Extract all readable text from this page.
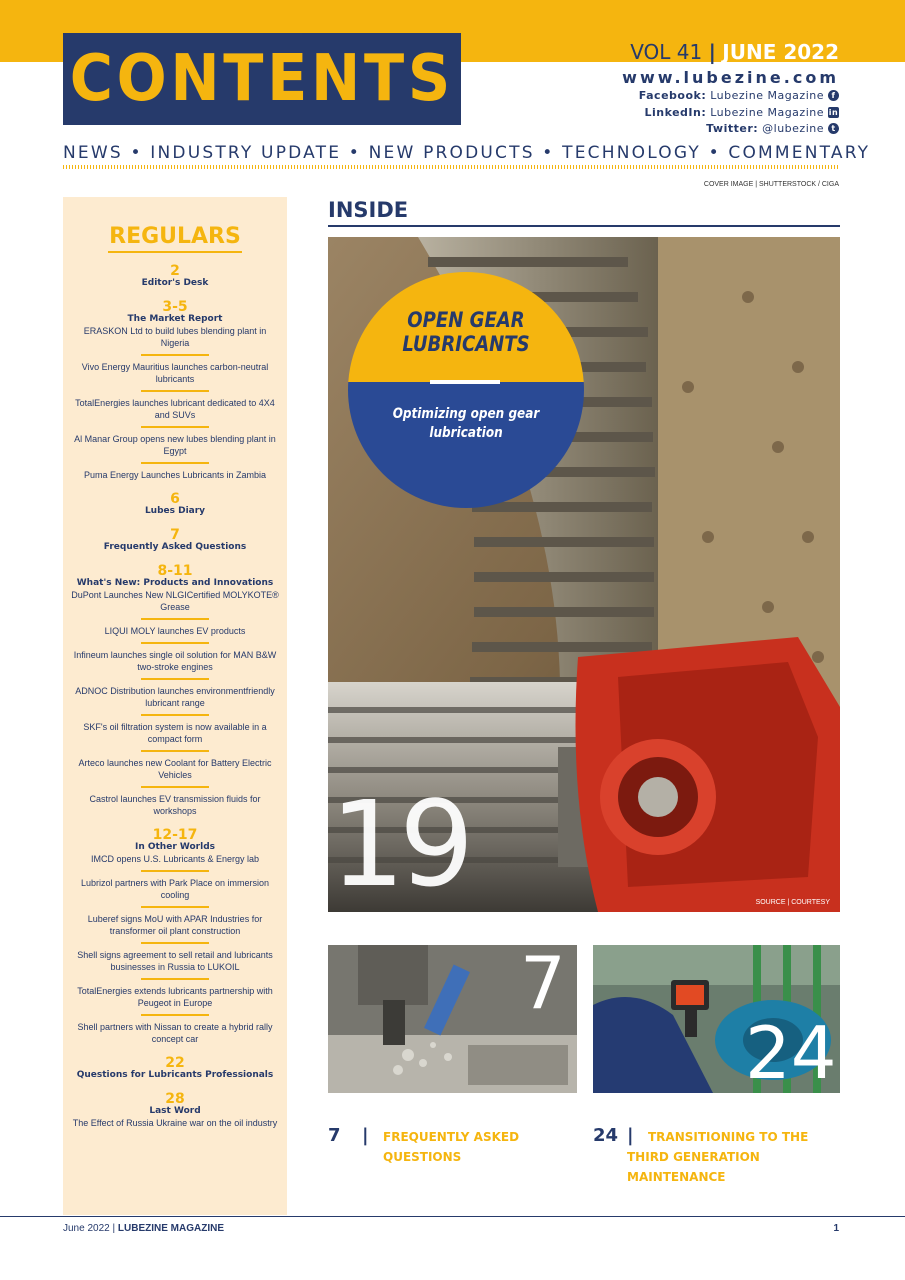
CONTENTS	VOL 41 | JUNE 2022
www.lubezine.com
Facebook: Lubezine Magazine f
LinkedIn: Lubezine Magazine in
Twitter: @lubezine t
NEWS • INDUSTRY UPDATE • NEW PRODUCTS • TECHNOLOGY • COMMENTARY
COVER IMAGE | SHUTTERSTOCK / CIGA
REGULARS
2
Editor's Desk
3-5
The Market Report
ERASKON Ltd to build lubes blending plant in Nigeria
Vivo Energy Mauritius launches carbon-neutral lubricants
TotalEnergies launches lubricant dedicated to 4X4 and SUVs
Al Manar Group opens new lubes blending plant in Egypt
Puma Energy Launches Lubricants in Zambia
6
Lubes Diary
7
Frequently Asked Questions
8-11
What's New: Products and Innovations
DuPont Launches New NLGICertified MOLYKOTE® Grease
LIQUI MOLY launches EV products
Infineum launches single oil solution for MAN B&W two-stroke engines
ADNOC Distribution launches environmentfriendly lubricant range
SKF's oil filtration system is now available in a compact form
Arteco launches new Coolant for Battery Electric Vehicles
Castrol launches EV transmission fluids for workshops
12-17
In Other Worlds
IMCD opens U.S. Lubricants & Energy lab
Lubrizol partners with Park Place on immersion cooling
Luberef signs MoU with APAR Industries for transformer oil plant construction
Shell signs agreement to sell retail and lubricants businesses in Russia to LUKOIL
TotalEnergies extends lubricants partnership with Peugeot in Europe
Shell partners with Nissan to create a hybrid rally concept car
22
Questions for Lubricants Professionals
28
Last Word
The Effect of Russia Ukraine war on the oil industry
INSIDE
OPEN GEAR LUBRICANTS
Optimizing open gear lubrication
19	SOURCE | COURTESY
7
24
7 | FREQUENTLY ASKED QUESTIONS
24 |	TRANSITIONING TO THE THIRD GENERATION MAINTENANCE
June 2022 | LUBEZINE MAGAZINE	1
